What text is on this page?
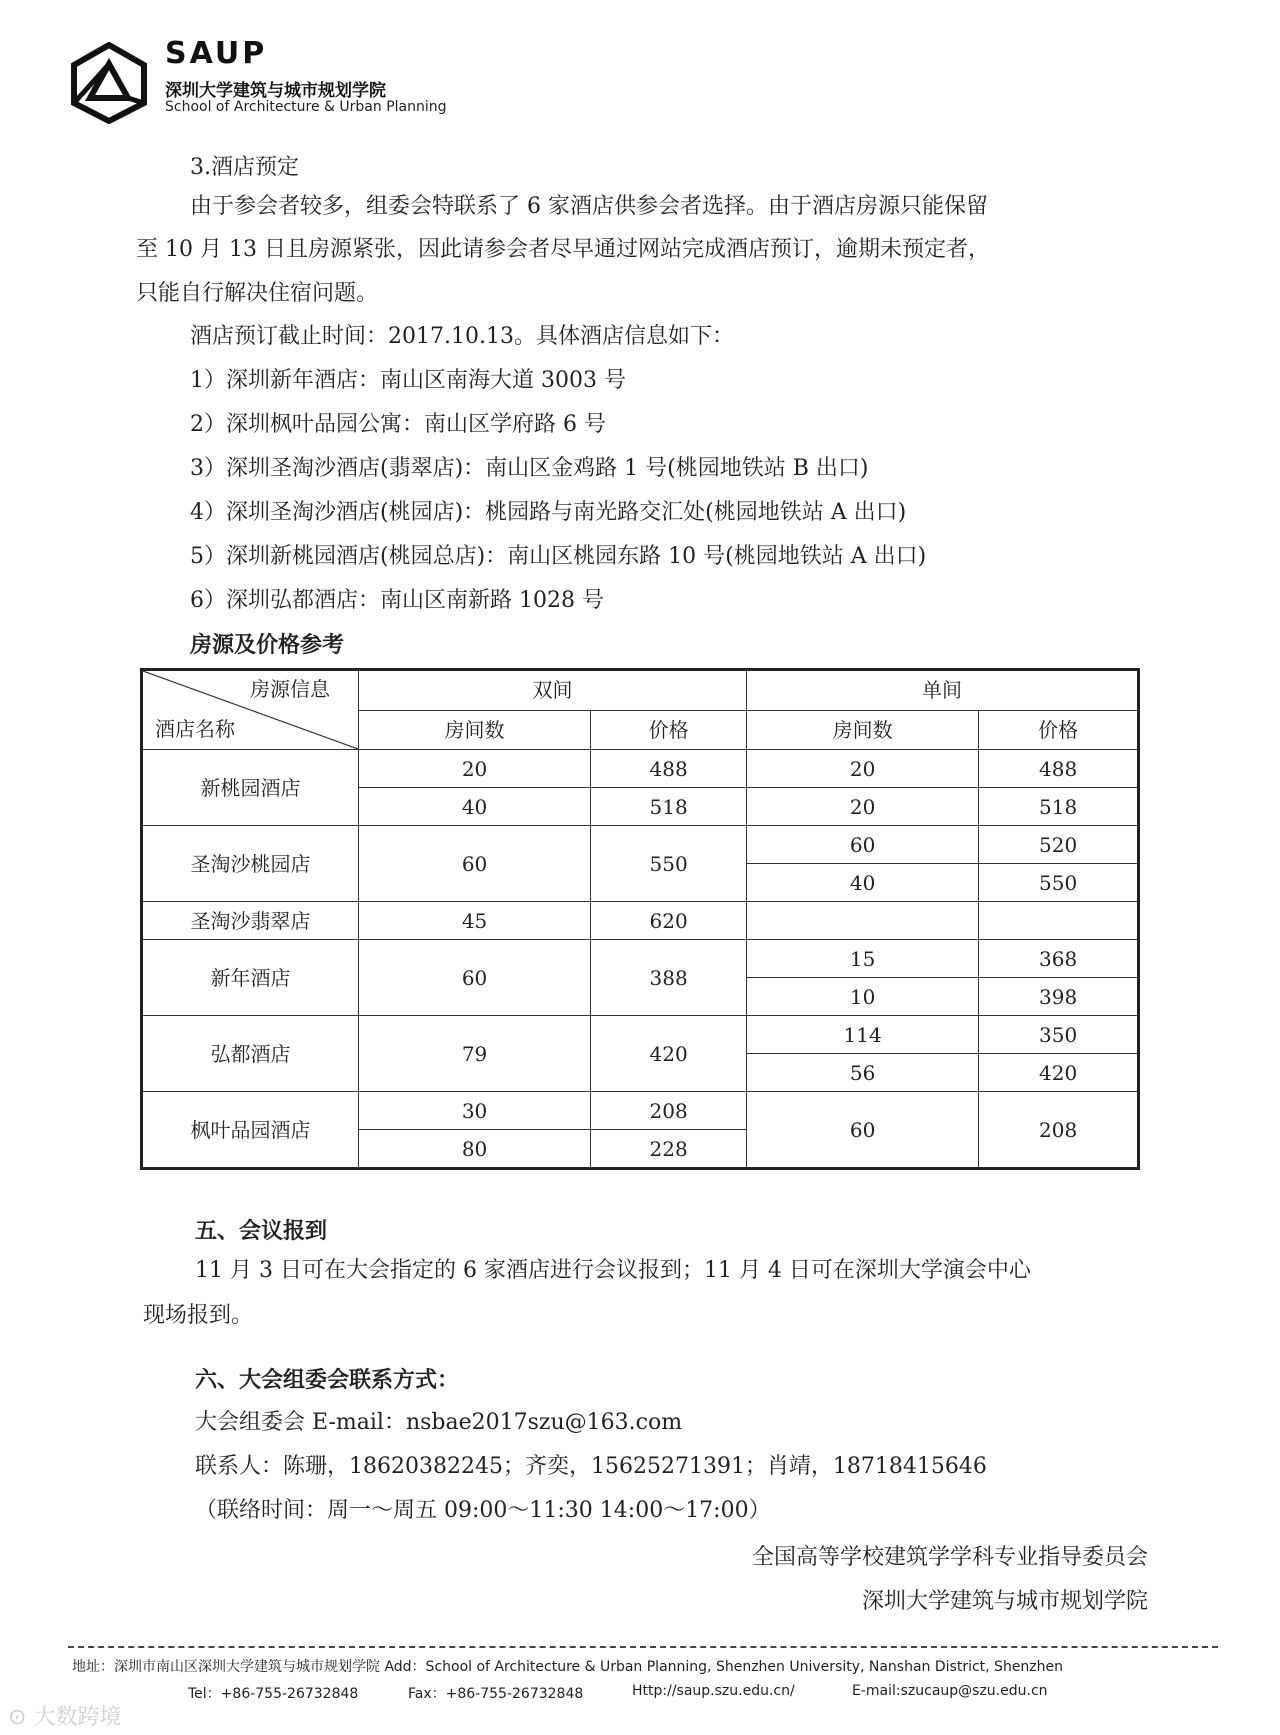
SAUP
深圳大学建筑与城市规划学院
School of Architecture & Urban Planning
3.酒店预定
由于参会者较多，组委会特联系了 6 家酒店供参会者选择。由于酒店房源只能保留
至 10 月 13 日且房源紧张，因此请参会者尽早通过网站完成酒店预订，逾期未预定者，
只能自行解决住宿问题。
酒店预订截止时间：2017.10.13。具体酒店信息如下：
1）深圳新年酒店：南山区南海大道 3003 号
2）深圳枫叶品园公寓：南山区学府路 6 号
3）深圳圣淘沙酒店(翡翠店)：南山区金鸡路 1 号(桃园地铁站 B 出口)
4）深圳圣淘沙酒店(桃园店)：桃园路与南光路交汇处(桃园地铁站 A 出口)
5）深圳新桃园酒店(桃园总店)：南山区桃园东路 10 号(桃园地铁站 A 出口)
6）深圳弘都酒店：南山区南新路 1028 号
房源及价格参考
房源信息
酒店名称	双间		单间	
	房间数	价格	房间数	价格
新桃园酒店	20	488	20	488
	40	518	20	518
圣淘沙桃园店	60	550	60	520
			40	550
圣淘沙翡翠店	45	620		
新年酒店	60	388	15	368
			10	398
弘都酒店	79	420	114	350
			56	420
枫叶品园酒店	30	208	60	208
	80	228		
五、会议报到
11 月 3 日可在大会指定的 6 家酒店进行会议报到；11 月 4 日可在深圳大学演会中心
现场报到。
六、大会组委会联系方式：
大会组委会 E-mail：nsbae2017szu@163.com
联系人：陈珊，18620382245；齐奕，15625271391；肖靖，18718415646
（联络时间：周一～周五 09:00～11:30 14:00～17:00）
全国高等学校建筑学学科专业指导委员会
深圳大学建筑与城市规划学院
地址：深圳市南山区深圳大学建筑与城市规划学院 Add：School of Architecture & Urban Planning, Shenzhen University, Nanshan District, Shenzhen
Tel：+86-755-26732848	Fax：+86-755-26732848	Http://saup.szu.edu.cn/	E-mail:szucaup@szu.edu.cn
⊙ 大数跨境
